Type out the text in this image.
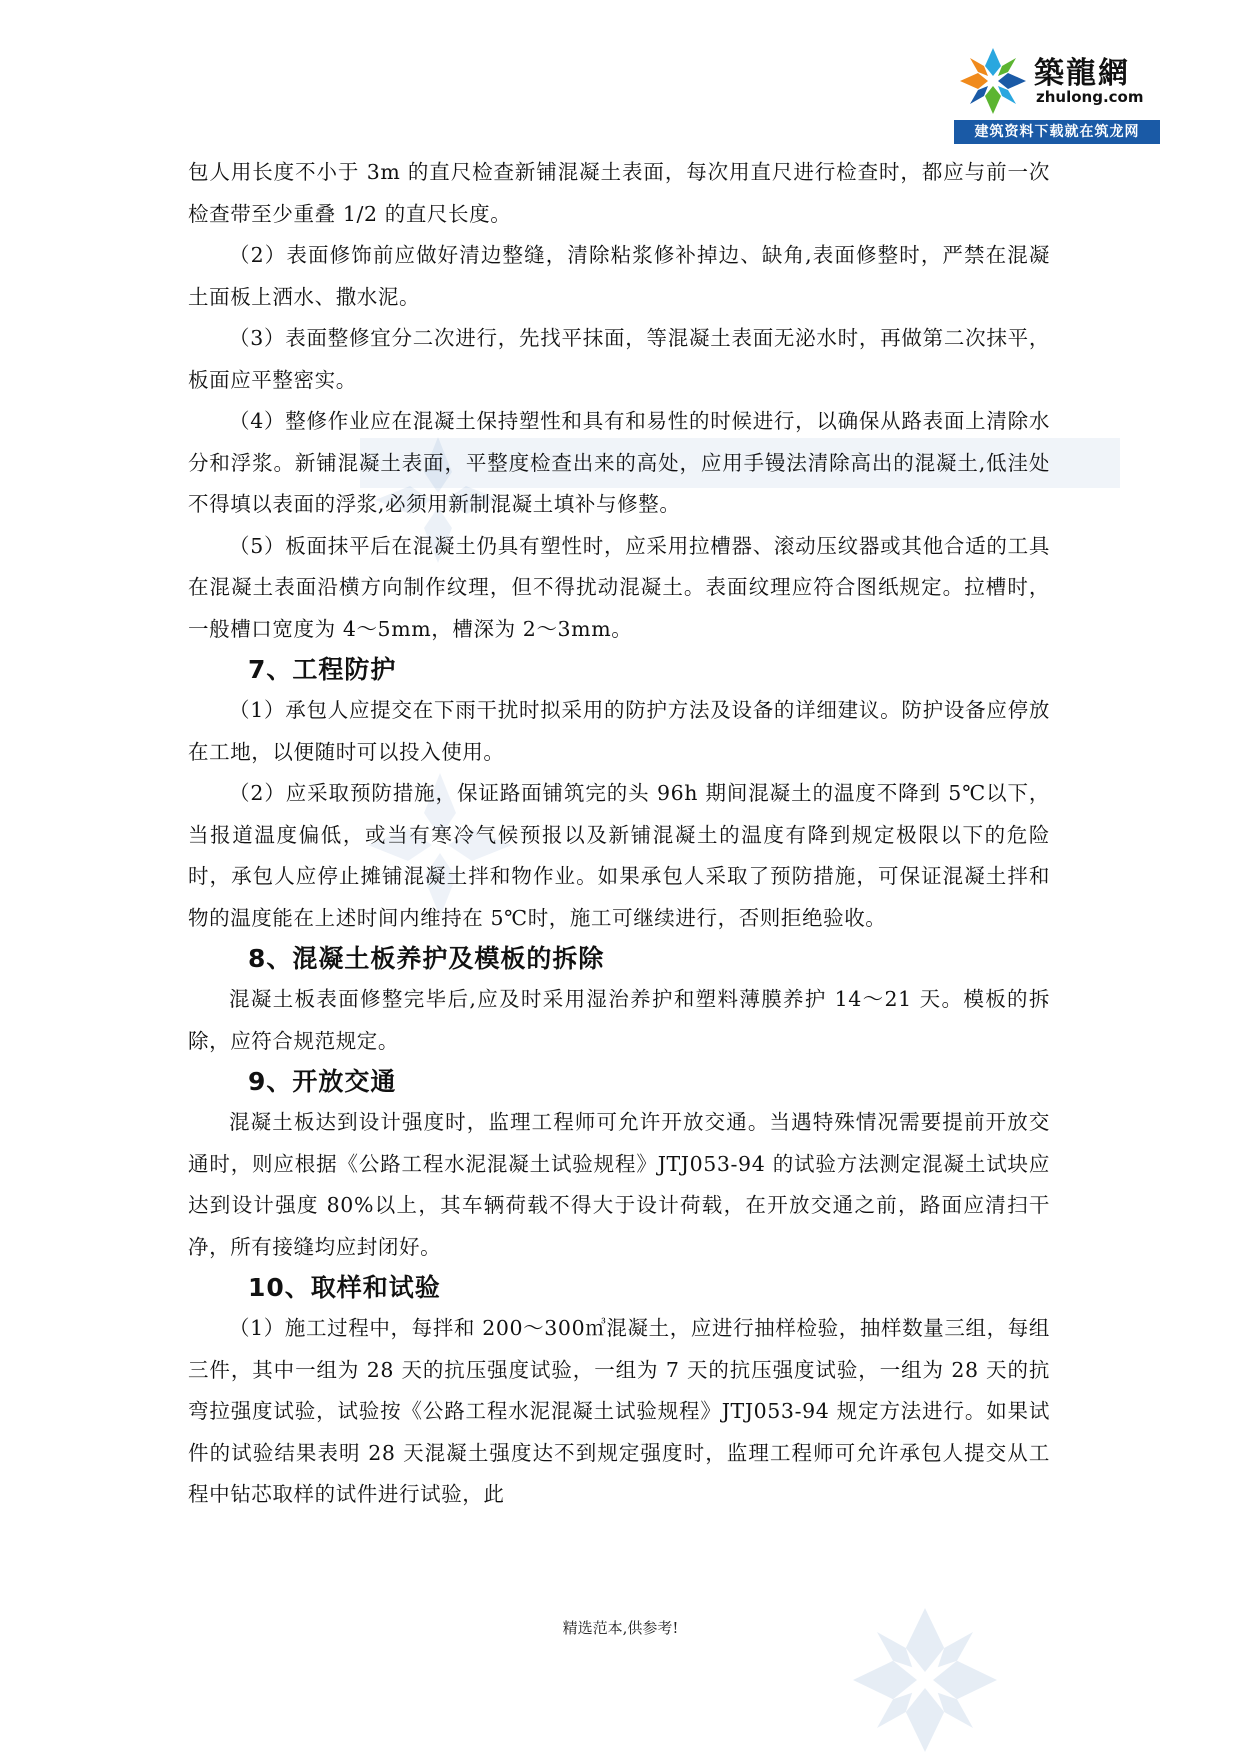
築龍網
zhulong.com
建筑资料下载就在筑龙网

包人用长度不小于 3m 的直尺检查新铺混凝土表面，每次用直尺进行检查时，都应与前一次检查带至少重叠 1/2 的直尺长度。

（2）表面修饰前应做好清边整缝，清除粘浆修补掉边、缺角,表面修整时，严禁在混凝土面板上洒水、撒水泥。

（3）表面整修宜分二次进行，先找平抹面，等混凝土表面无泌水时，再做第二次抹平，板面应平整密实。

（4）整修作业应在混凝土保持塑性和具有和易性的时候进行，以确保从路表面上清除水分和浮浆。新铺混凝土表面，平整度检查出来的高处，应用手镘法清除高出的混凝土,低洼处不得填以表面的浮浆,必须用新制混凝土填补与修整。

（5）板面抹平后在混凝土仍具有塑性时，应采用拉槽器、滚动压纹器或其他合适的工具在混凝土表面沿横方向制作纹理，但不得扰动混凝土。表面纹理应符合图纸规定。拉槽时，一般槽口宽度为 4～5mm，槽深为 2～3mm。

7、工程防护

（1）承包人应提交在下雨干扰时拟采用的防护方法及设备的详细建议。防护设备应停放在工地，以便随时可以投入使用。

（2）应采取预防措施，保证路面铺筑完的头 96h 期间混凝土的温度不降到 5℃以下，当报道温度偏低，或当有寒冷气候预报以及新铺混凝土的温度有降到规定极限以下的危险时，承包人应停止摊铺混凝土拌和物作业。如果承包人采取了预防措施，可保证混凝土拌和物的温度能在上述时间内维持在 5℃时，施工可继续进行，否则拒绝验收。

8、混凝土板养护及模板的拆除

混凝土板表面修整完毕后,应及时采用湿治养护和塑料薄膜养护 14～21 天。模板的拆除，应符合规范规定。

9、开放交通

混凝土板达到设计强度时，监理工程师可允许开放交通。当遇特殊情况需要提前开放交通时，则应根据《公路工程水泥混凝土试验规程》JTJ053-94 的试验方法测定混凝土试块应达到设计强度 80%以上，其车辆荷载不得大于设计荷载，在开放交通之前，路面应清扫干净，所有接缝均应封闭好。

10、取样和试验

（1）施工过程中，每拌和 200～300㎥混凝土，应进行抽样检验，抽样数量三组，每组三件，其中一组为 28 天的抗压强度试验，一组为 7 天的抗压强度试验，一组为 28 天的抗弯拉强度试验，试验按《公路工程水泥混凝土试验规程》JTJ053-94 规定方法进行。如果试件的试验结果表明 28 天混凝土强度达不到规定强度时，监理工程师可允许承包人提交从工程中钻芯取样的试件进行试验，此

精选范本,供参考!
